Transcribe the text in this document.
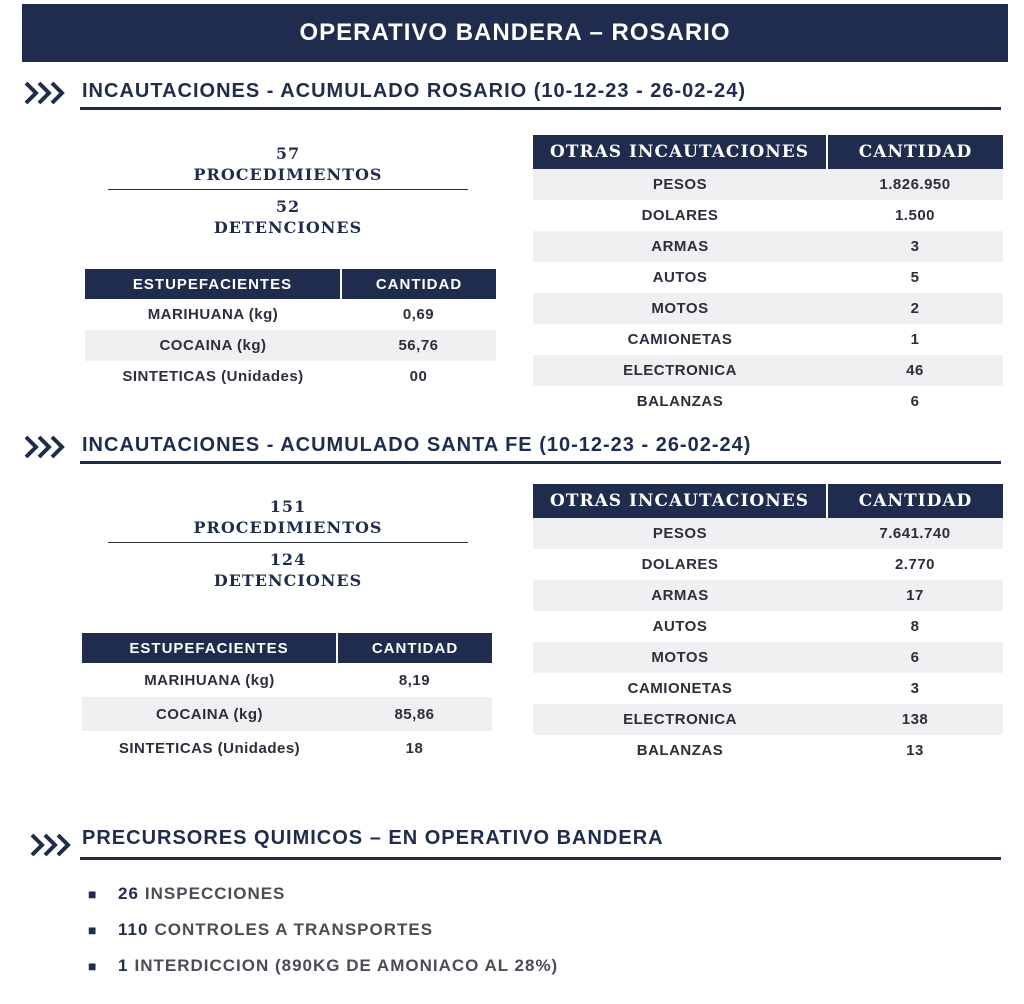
OPERATIVO BANDERA – ROSARIO
INCAUTACIONES - ACUMULADO ROSARIO (10-12-23 - 26-02-24)
57
PROCEDIMIENTOS
52
DETENCIONES
ESTUPEFACIENTES	CANTIDAD
MARIHUANA (kg)	0,69
COCAINA (kg)	56,76
SINTETICAS (Unidades)	00
OTRAS INCAUTACIONES	CANTIDAD
PESOS	1.826.950
DOLARES	1.500
ARMAS	3
AUTOS	5
MOTOS	2
CAMIONETAS	1
ELECTRONICA	46
BALANZAS	6
INCAUTACIONES - ACUMULADO SANTA FE (10-12-23 - 26-02-24)
151
PROCEDIMIENTOS
124
DETENCIONES
ESTUPEFACIENTES	CANTIDAD
MARIHUANA (kg)	8,19
COCAINA (kg)	85,86
SINTETICAS (Unidades)	18
OTRAS INCAUTACIONES	CANTIDAD
PESOS	7.641.740
DOLARES	2.770
ARMAS	17
AUTOS	8
MOTOS	6
CAMIONETAS	3
ELECTRONICA	138
BALANZAS	13
PRECURSORES QUIMICOS – EN OPERATIVO BANDERA
■	26 INSPECCIONES
■	110 CONTROLES A TRANSPORTES
■	1 INTERDICCION (890KG DE AMONIACO AL 28%)
